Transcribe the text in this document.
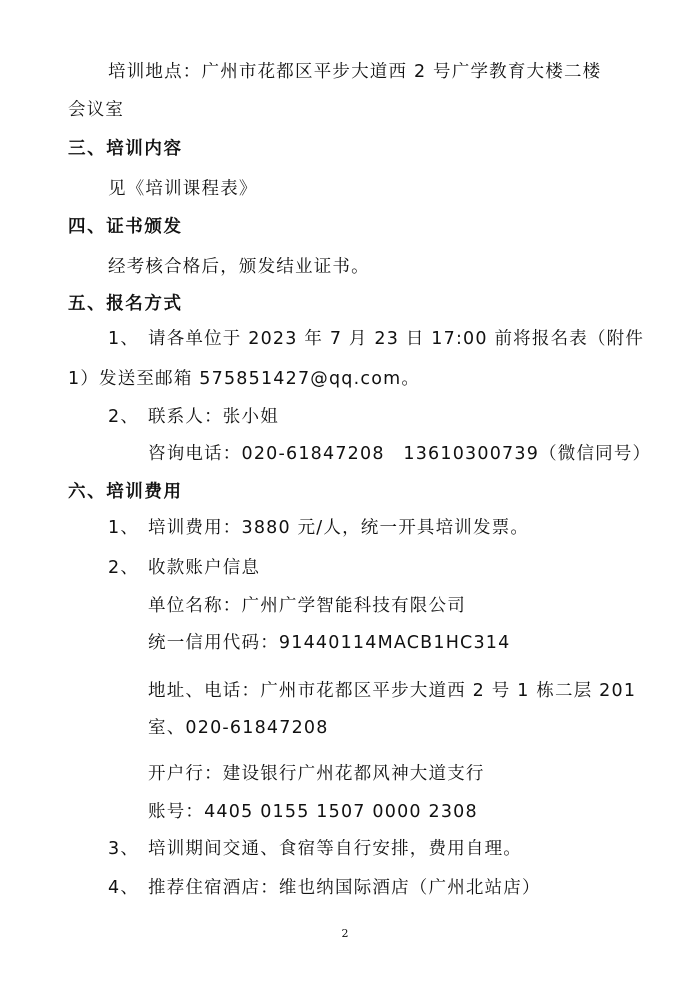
培训地点：广州市花都区平步大道西 2 号广学教育大楼二楼
会议室
三、培训内容
见《培训课程表》
四、证书颁发
经考核合格后，颁发结业证书。
五、报名方式
1、 请各单位于 2023 年 7 月 23 日 17:00 前将报名表（附件
1）发送至邮箱 575851427@qq.com。
2、 联系人：张小姐
咨询电话：020-61847208　13610300739（微信同号）
六、培训费用
1、 培训费用：3880 元/人，统一开具培训发票。
2、 收款账户信息
单位名称：广州广学智能科技有限公司
统一信用代码：91440114MACB1HC314
地址、电话：广州市花都区平步大道西 2 号 1 栋二层 201
室、020-61847208
开户行：建设银行广州花都风神大道支行
账号：4405 0155 1507 0000 2308
3、 培训期间交通、食宿等自行安排，费用自理。
4、 推荐住宿酒店：维也纳国际酒店（广州北站店）
2
